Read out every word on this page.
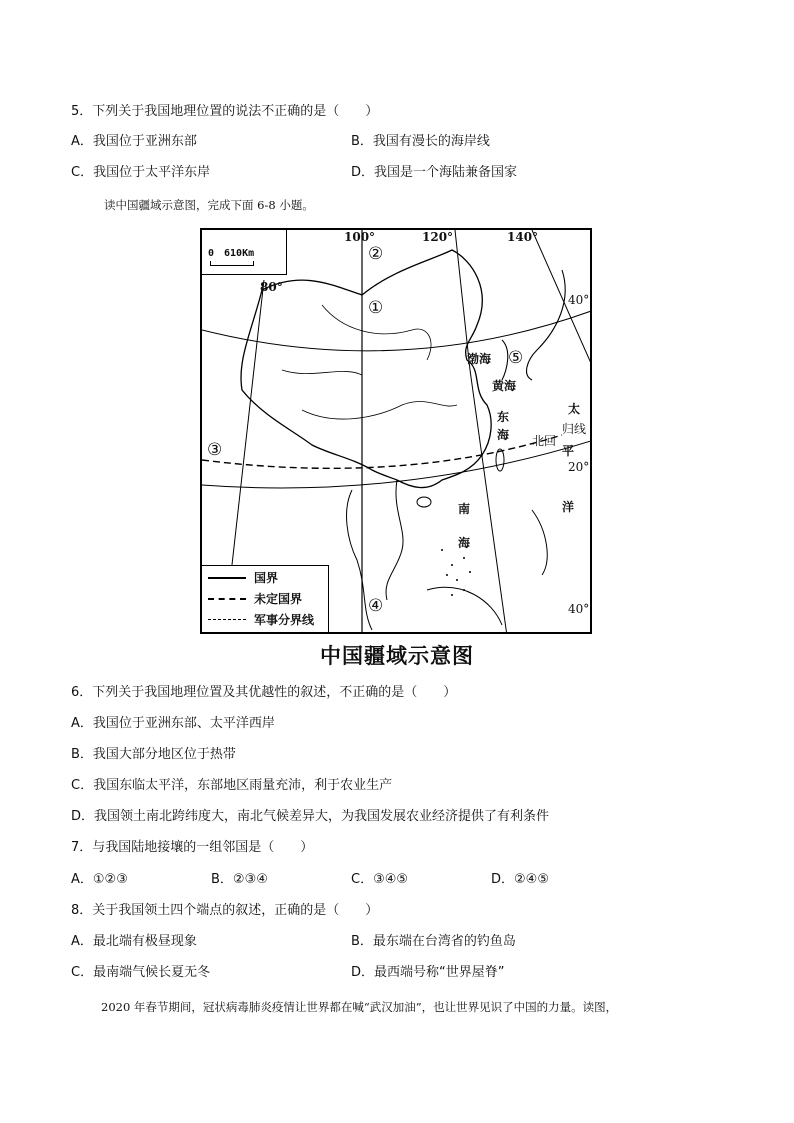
5．下列关于我国地理位置的说法不正确的是（　　）
A．我国位于亚洲东部	B．我国有漫长的海岸线
C．我国位于太平洋东岸	D．我国是一个海陆兼备国家
读中国疆域示意图，完成下面 6-8 小题。
0　610Km
100°	120°	140°
80°
40°
20°
40°
②
①
③
④
⑤
渤海
黄海
东
海
南
海
太
平
洋
北回
归线
国界
未定国界
军事分界线
中国疆域示意图
6．下列关于我国地理位置及其优越性的叙述，不正确的是（　　）
A．我国位于亚洲东部、太平洋西岸
B．我国大部分地区位于热带
C．我国东临太平洋，东部地区雨量充沛，利于农业生产
D．我国领土南北跨纬度大，南北气候差异大，为我国发展农业经济提供了有利条件
7．与我国陆地接壤的一组邻国是（　　）
A．①②③	B．②③④	C．③④⑤	D．②④⑤
8．关于我国领土四个端点的叙述，正确的是（　　）
A．最北端有极昼现象	B．最东端在台湾省的钓鱼岛
C．最南端气候长夏无冬	D．最西端号称“世界屋脊”
2020 年春节期间，冠状病毒肺炎疫情让世界都在喊“武汉加油”，也让世界见识了中国的力量。读图，
